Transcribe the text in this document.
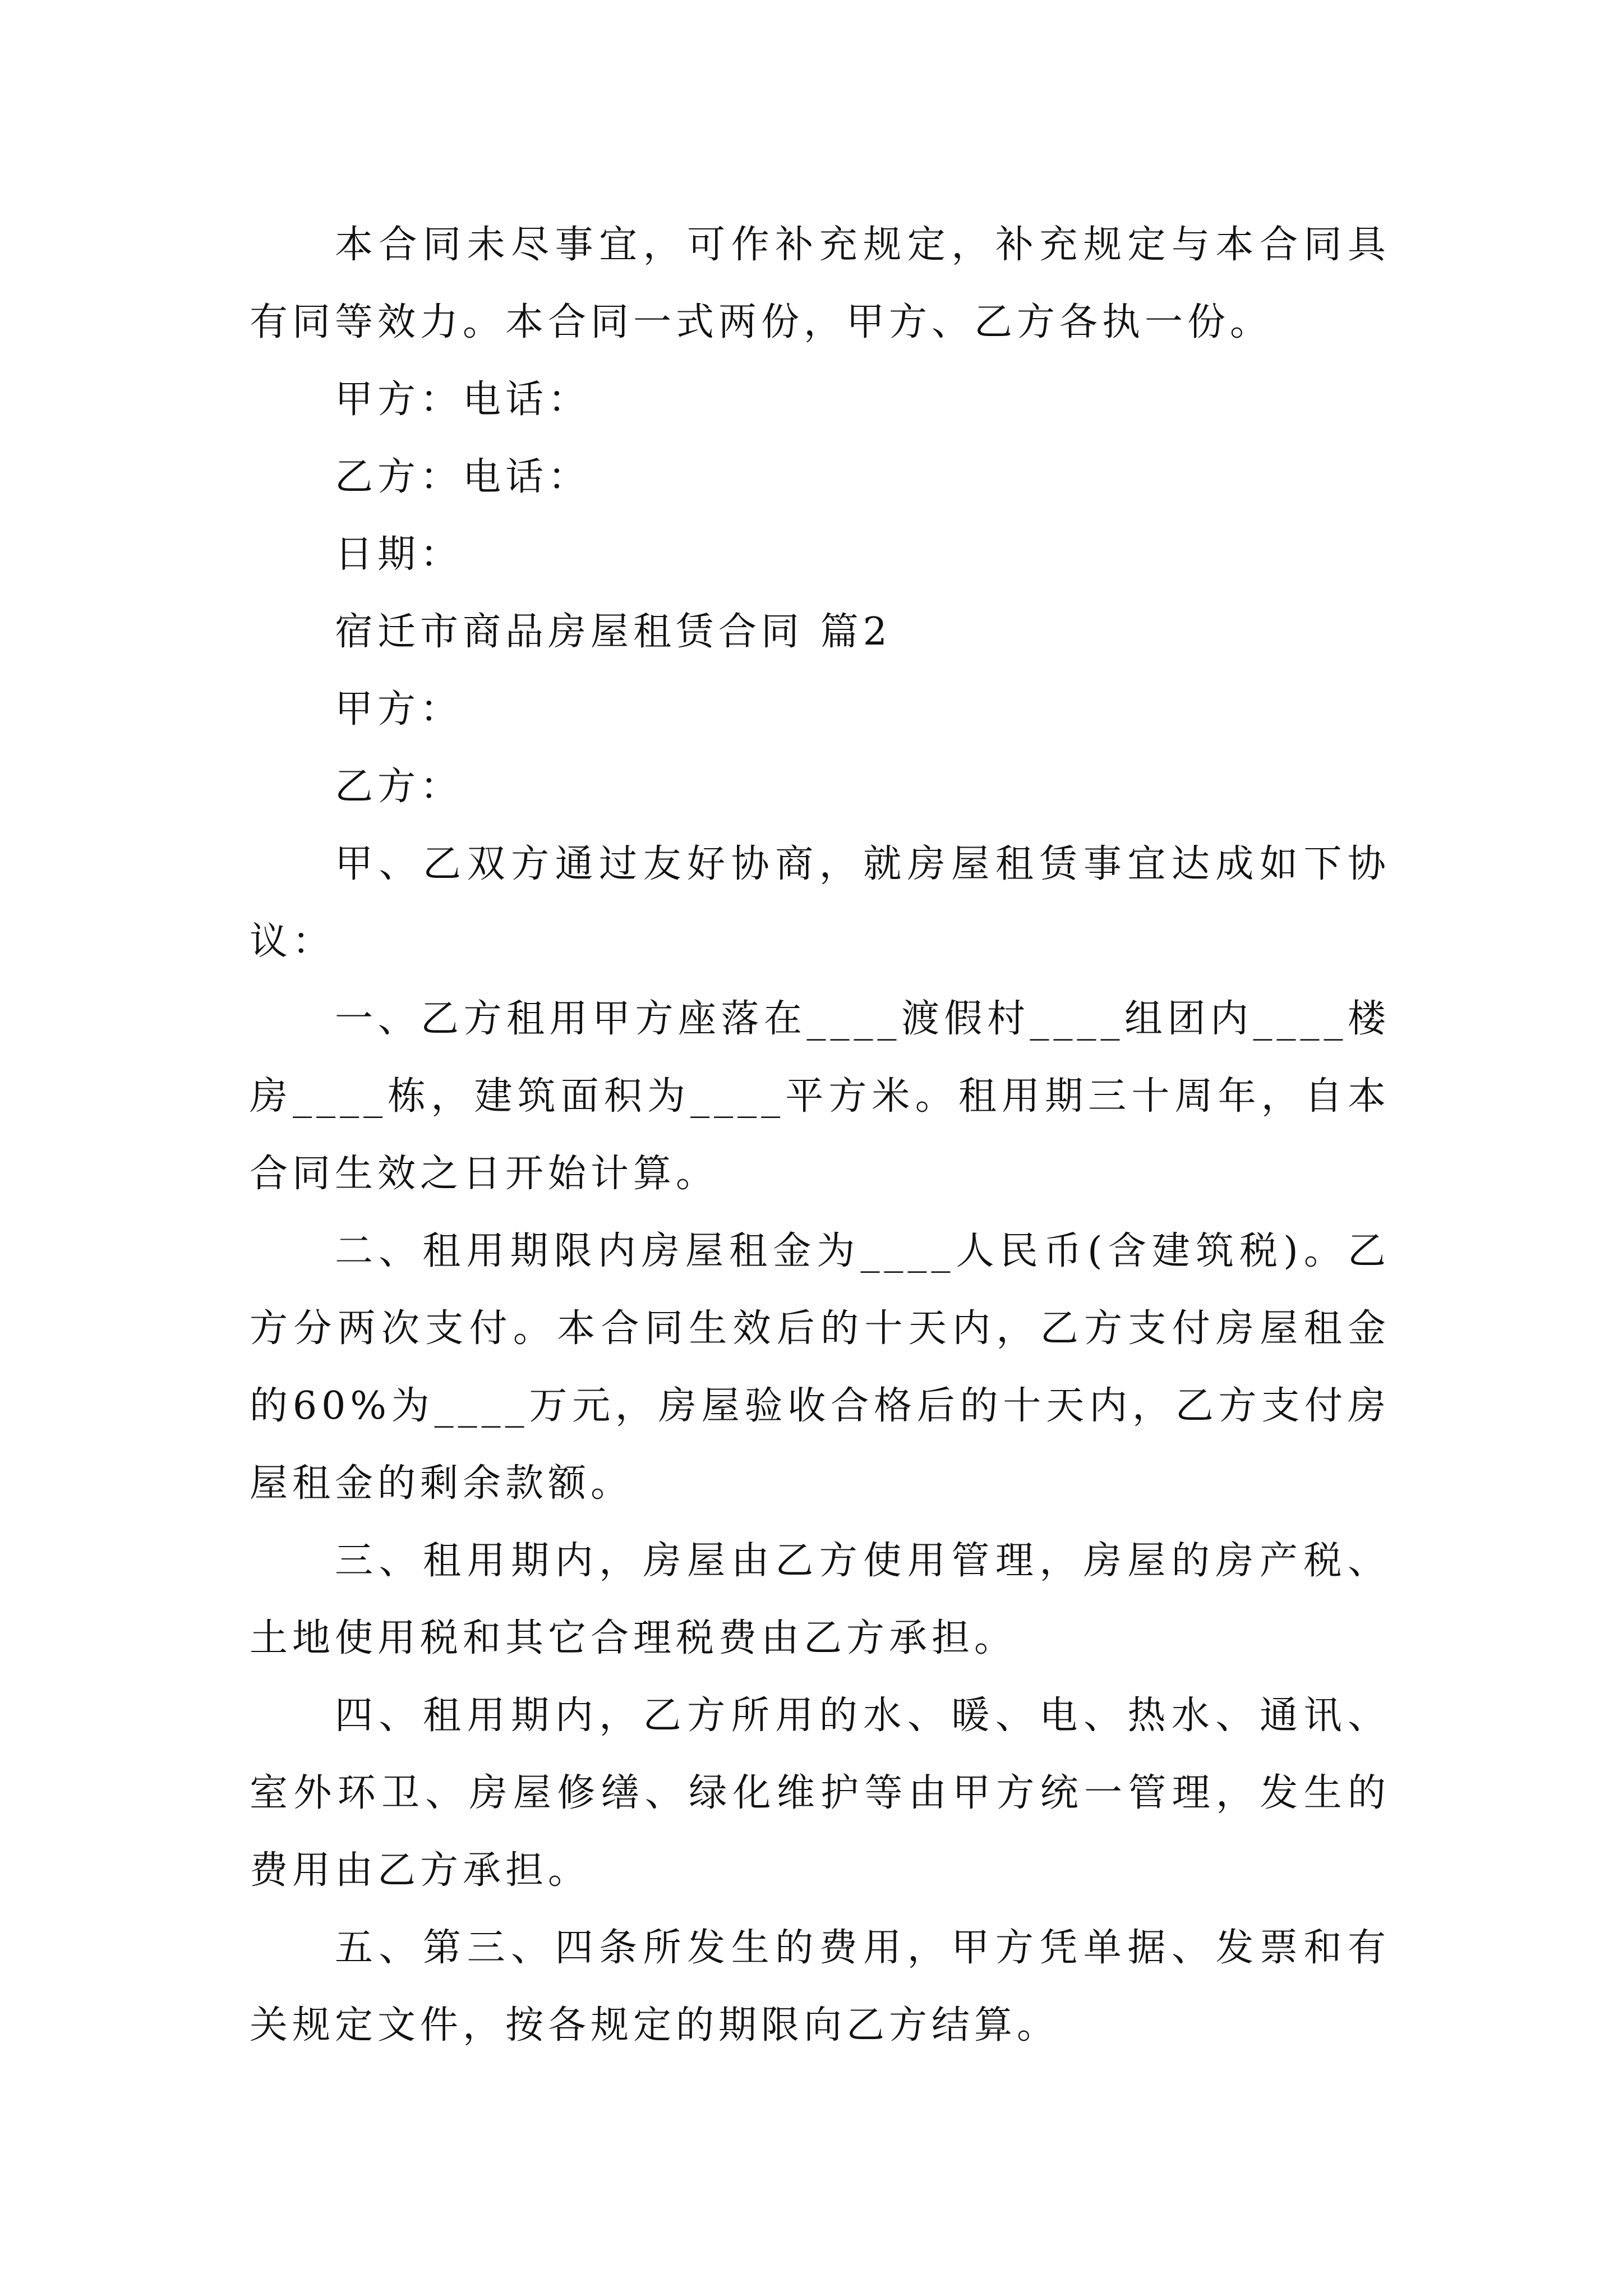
本合同未尽事宜，可作补充规定，补充规定与本合同具有同等效力。本合同一式两份，甲方、乙方各执一份。

甲方：电话：

乙方：电话：

日期：

宿迁市商品房屋租赁合同 篇2

甲方：

乙方：

甲、乙双方通过友好协商，就房屋租赁事宜达成如下协议：

一、乙方租用甲方座落在____渡假村____组团内____楼房____栋，建筑面积为____平方米。租用期三十周年，自本合同生效之日开始计算。

二、租用期限内房屋租金为____人民币(含建筑税)。乙方分两次支付。本合同生效后的十天内，乙方支付房屋租金的60%为____万元，房屋验收合格后的十天内，乙方支付房屋租金的剩余款额。

三、租用期内，房屋由乙方使用管理，房屋的房产税、土地使用税和其它合理税费由乙方承担。

四、租用期内，乙方所用的水、暖、电、热水、通讯、室外环卫、房屋修缮、绿化维护等由甲方统一管理，发生的费用由乙方承担。

五、第三、四条所发生的费用，甲方凭单据、发票和有关规定文件，按各规定的期限向乙方结算。
